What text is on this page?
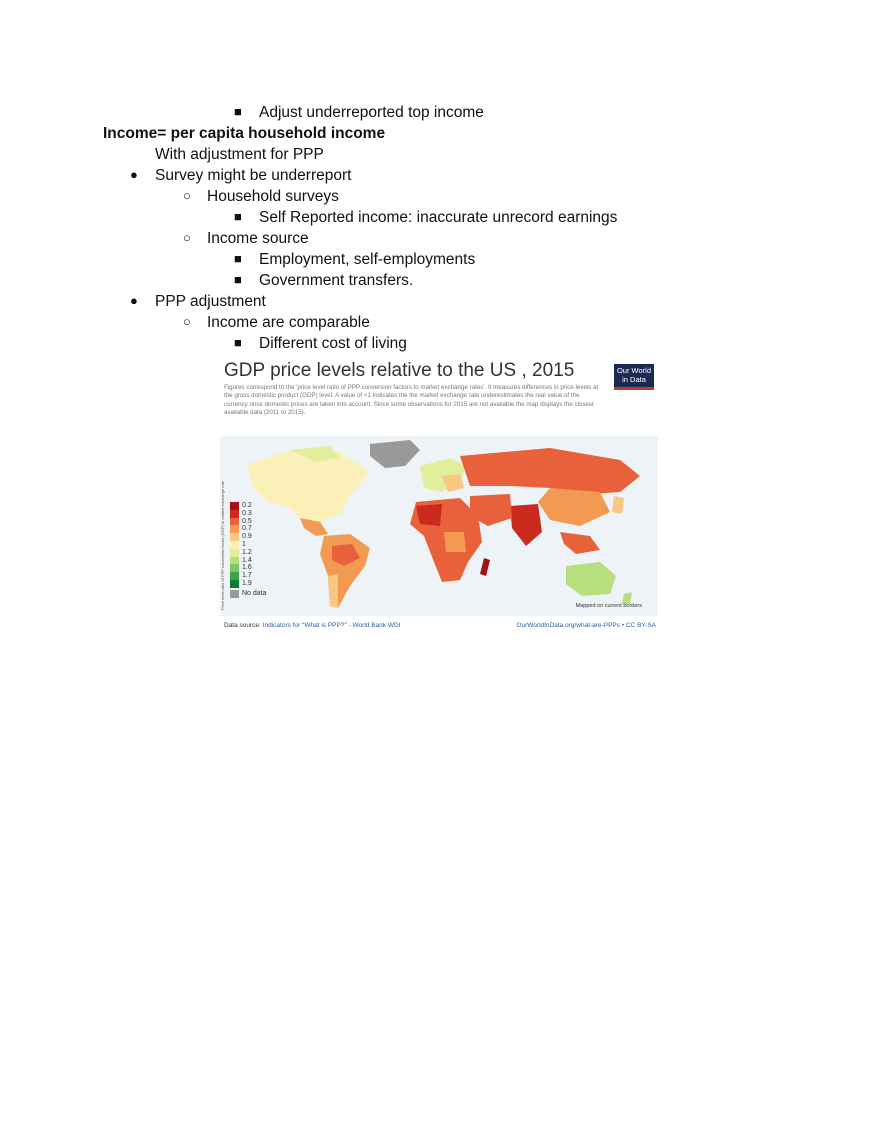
■ Adjust underreported top income
Income= per capita household income
With adjustment for PPP
● Survey might be underreport
○ Household surveys
■ Self Reported income: inaccurate unrecord earnings
○ Income source
■ Employment, self-employments
■ Government transfers.
● PPP adjustment
○ Income are comparable
■ Different cost of living
GDP price levels relative to the US , 2015
Figures correspond to the 'price level ratio of PPP conversion factors to market exchange rates'. It measures differences in price levels at the gross domestic product (GDP) level. A value of <1 indicates the the market exchange rate underestimates the real value of the currency once domestic prices are taken into account. Since some observations for 2015 are not available the map displays the closest available data (2011 to 2015).
Our World
in Data
Price level ratio of PPP conversion factor (GDP) to market exchange rate 0.2
0.3
0.5
0.7
0.9
1
1.2
1.4
1.6
1.7
1.9
No data
Mapped on current borders
Data source: Indicators for "What is PPP?" - World Bank WDI	OurWorldInData.org/what-are-PPPs • CC BY-SA
